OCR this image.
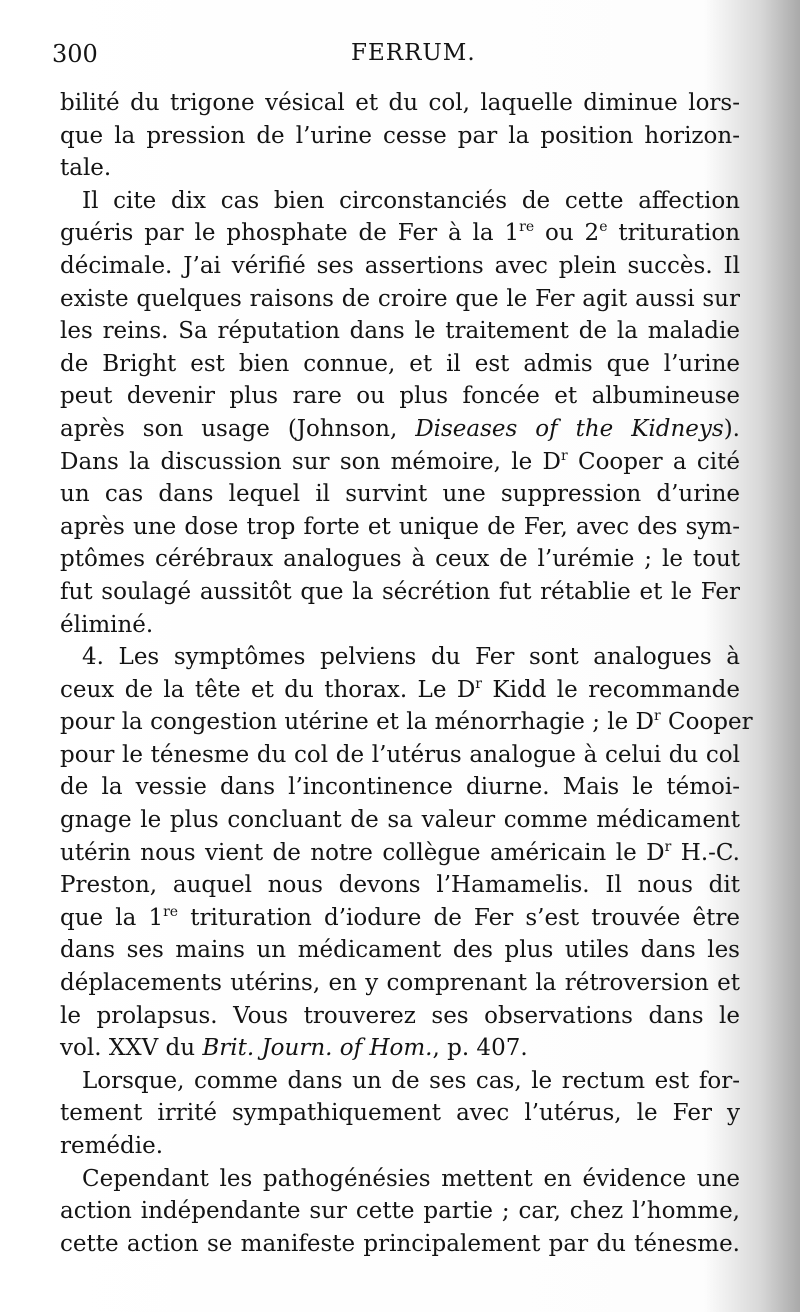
300	FERRUM.
bilité du trigone vésical et du col, laquelle diminue lors-
que la pression de l’urine cesse par la position horizon-
tale.
Il cite dix cas bien circonstanciés de cette affection
guéris par le phosphate de Fer à la 1re ou 2e trituration
décimale. J’ai vérifié ses assertions avec plein succès. Il
existe quelques raisons de croire que le Fer agit aussi sur
les reins. Sa réputation dans le traitement de la maladie
de Bright est bien connue, et il est admis que l’urine
peut devenir plus rare ou plus foncée et albumineuse
après son usage (Johnson, Diseases of the Kidneys).
Dans la discussion sur son mémoire, le $D^r$ Cooper a cité
un cas dans lequel il survint une suppression d’urine
après une dose trop forte et unique de Fer, avec des sym-
ptômes cérébraux analogues à ceux de l’urémie ; le tout
fut soulagé aussitôt que la sécrétion fut rétablie et le Fer
éliminé.
4. Les symptômes pelviens du Fer sont analogues à
ceux de la tête et du thorax. Le $D^r$ Kidd le recommande
pour la congestion utérine et la ménorrhagie ; le $D^r$ Cooper
pour le ténesme du col de l’utérus analogue à celui du col
de la vessie dans l’incontinence diurne. Mais le témoi-
gnage le plus concluant de sa valeur comme médicament
utérin nous vient de notre collègue américain le $D^r$ H.-C.
Preston, auquel nous devons l’Hamamelis. Il nous dit
que la 1re trituration d’iodure de Fer s’est trouvée être
dans ses mains un médicament des plus utiles dans les
déplacements utérins, en y comprenant la rétroversion et
le prolapsus. Vous trouverez ses observations dans le
vol. XXV du Brit. Journ. of Hom., p. 407.
Lorsque, comme dans un de ses cas, le rectum est for-
tement irrité sympathiquement avec l’utérus, le Fer y
remédie.
Cependant les pathogénésies mettent en évidence une
action indépendante sur cette partie ; car, chez l’homme,
cette action se manifeste principalement par du ténesme.
